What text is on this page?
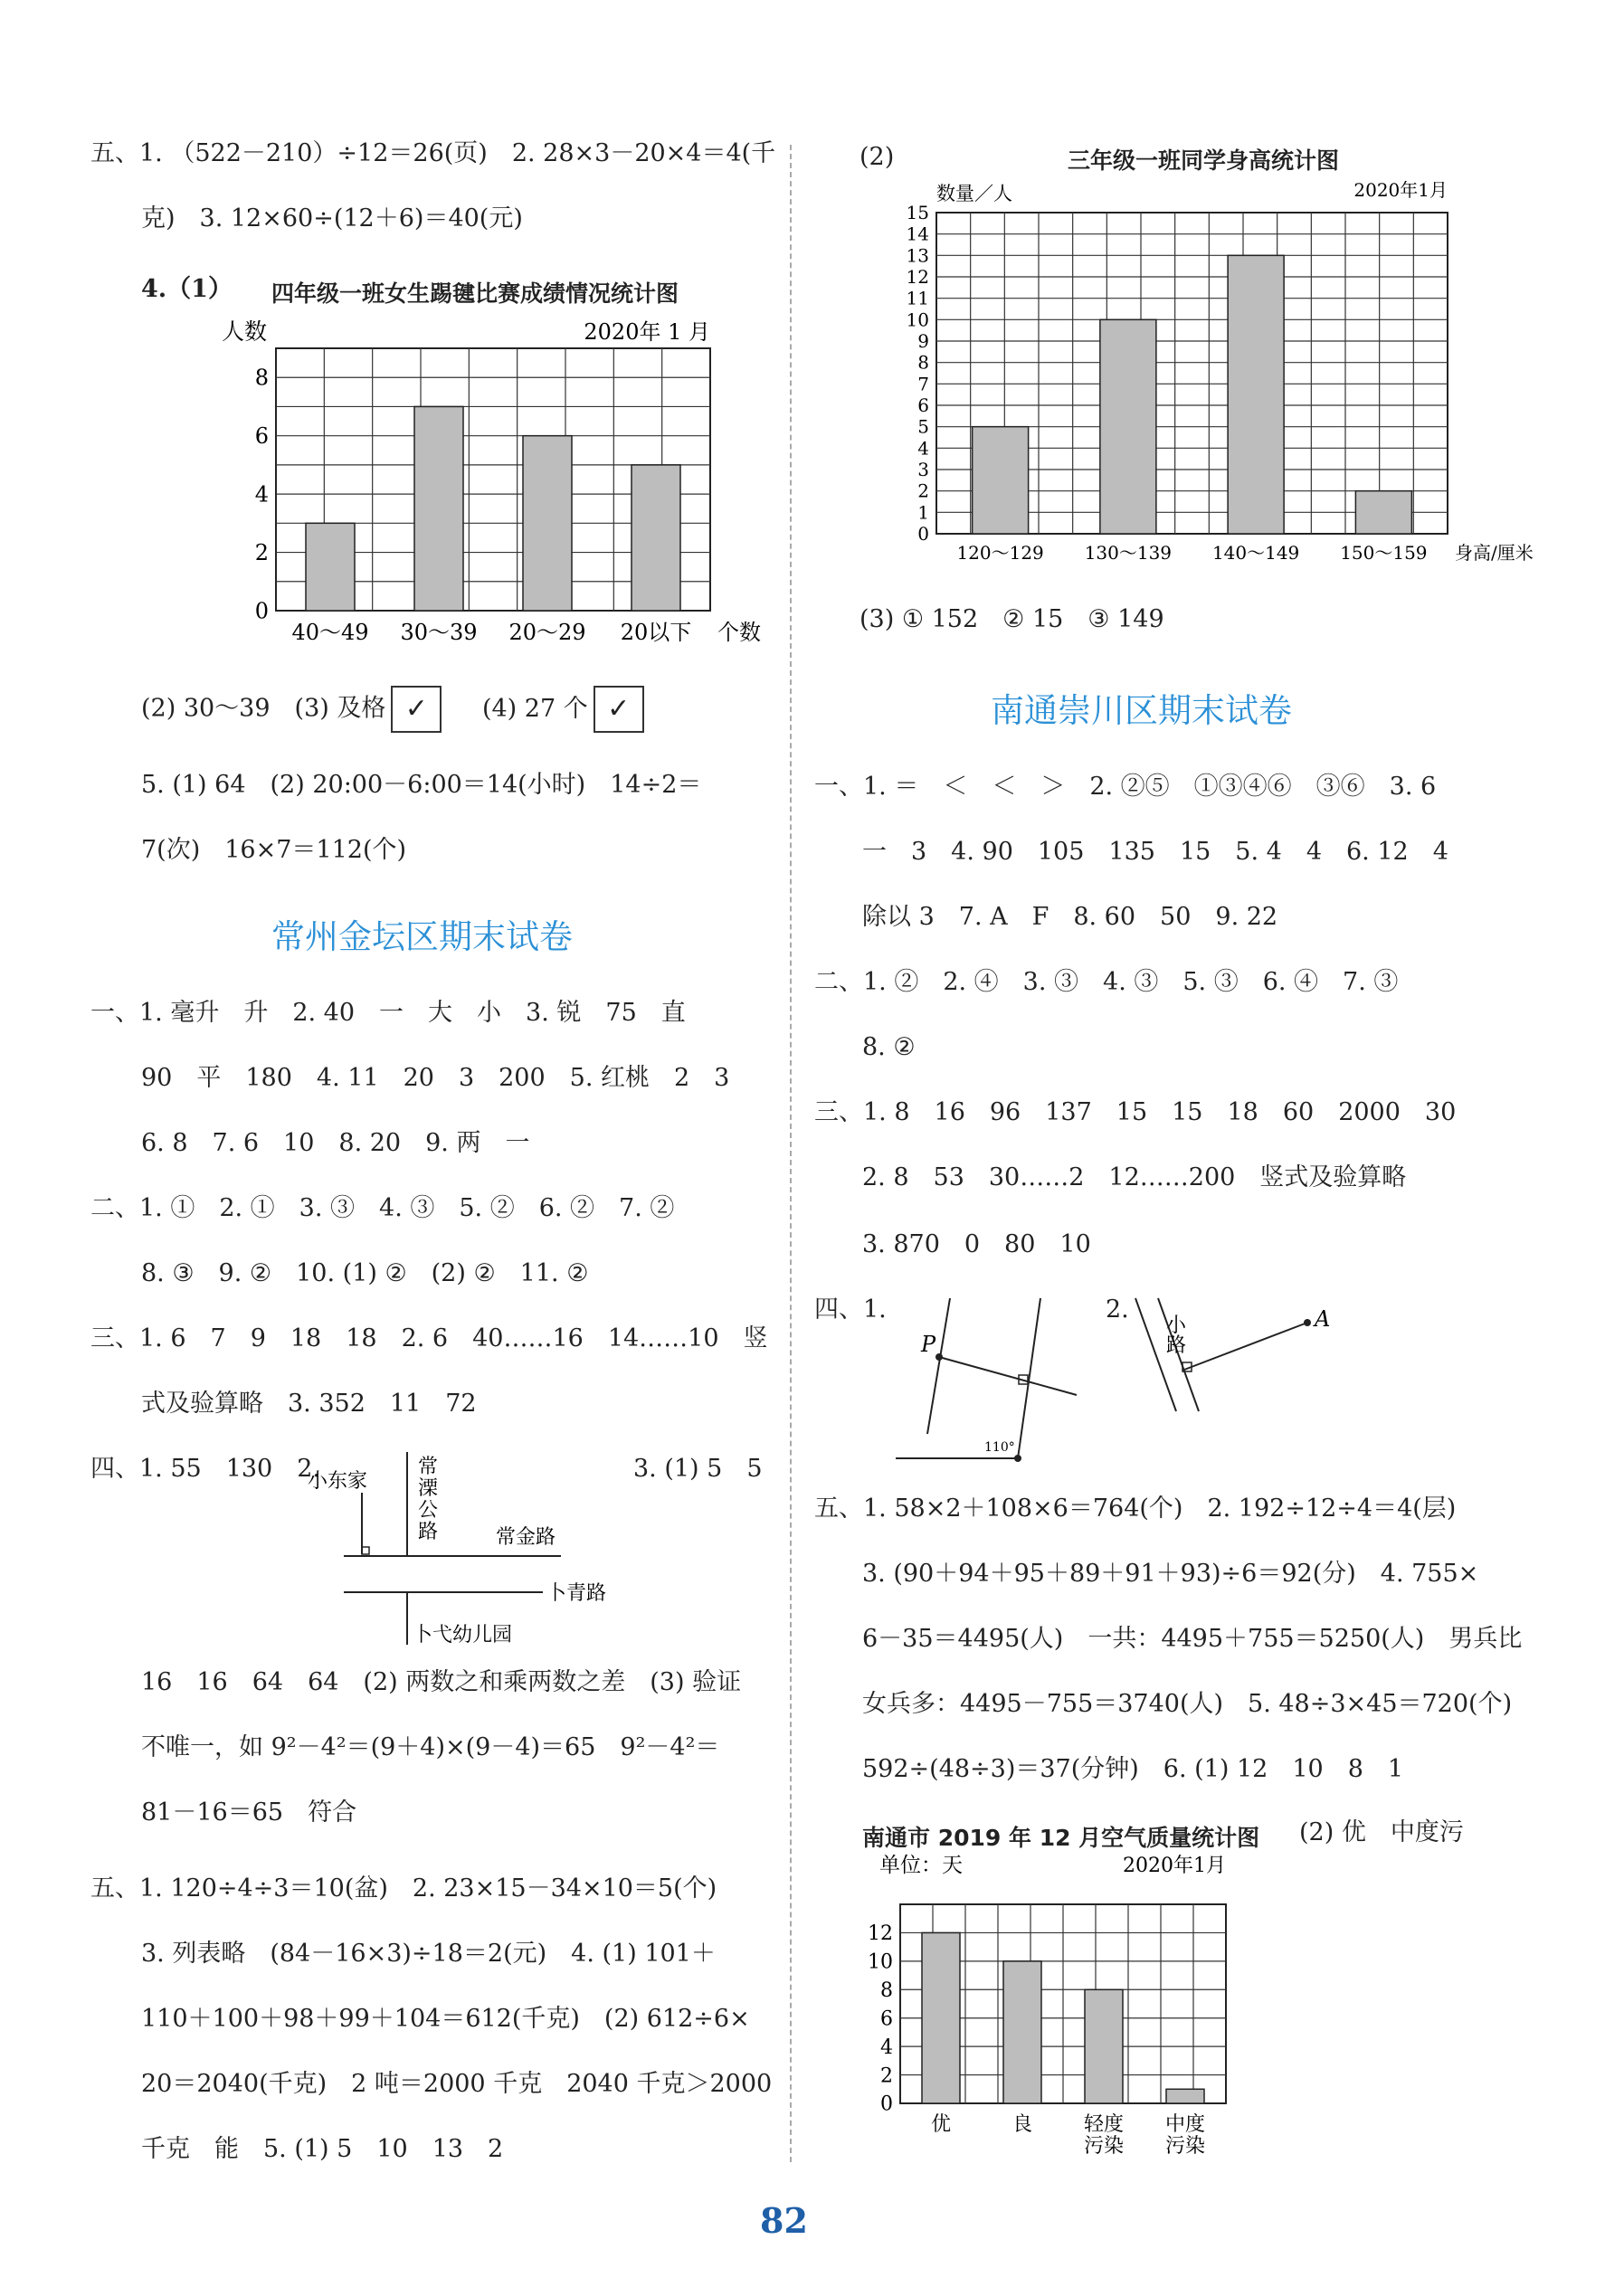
五、1. （522－210）÷12＝26(页)　2. 28×3－20×4＝4(千
克)　3. 12×60÷(12＋6)＝40(元)
4.（1） 四年级一班女生踢毽比赛成绩情况统计图
40～49 30～39 20～29 20以下
0
2
4
6
8
人数	2020年 1 月
个数
(2) 30～39　(3) 及格 ✓ (4) 27 个 ✓
5. (1) 64　(2) 20:00－6:00＝14(小时)　14÷2＝
7(次)　16×7＝112(个)
常州金坛区期末试卷
一、1. 毫升　升　2. 40　一　大　小　3. 锐　75　直
90　平　180　4. 11　20　3　200　5. 红桃　2　3
6. 8　7. 6　10　8. 20　9. 两　一
二、1. ①　2. ①　3. ③　4. ③　5. ②　6. ②　7. ②
8. ③　9. ②　10. (1) ②　(2) ②　11. ②
三、1. 6　7　9　18　18　2. 6　40……16　14……10　竖
式及验算略　3. 352　11　72
四、1. 55　130　2.	3. (1) 5　5
小东家
常溧公路	常金路
卜青路
卜弋幼儿园
16　16　64　64　(2) 两数之和乘两数之差　(3) 验证
不唯一，如 9²－4²＝(9＋4)×(9－4)＝65　9²－4²＝
81－16＝65　符合
五、1. 120÷4÷3＝10(盆)　2. 23×15－34×10＝5(个)
3. 列表略　(84－16×3)÷18＝2(元)　4. (1) 101＋
110＋100＋98＋99＋104＝612(千克)　(2) 612÷6×
20＝2040(千克)　2 吨＝2000 千克　2040 千克＞2000
千克　能　5. (1) 5　10　13　2
(2)	三年级一班同学身高统计图
120～129 130～139 140～149 150～159
0
1
2
3
4
5
6
7
8
9
10
11
12
13
14
15
数量／人	2020年1月
身高/厘米
(3) ① 152　② 15　③ 149
南通崇川区期末试卷
一、1. ＝　＜　＜　＞　2. ②⑤　①③④⑥　③⑥　3. 6
一　3　4. 90　105　135　15　5. 4　4　6. 12　4
除以 3　7. A　F　8. 60　50　9. 22
二、1. ②　2. ④　3. ③　4. ③　5. ③　6. ④　7. ③
8. ②
三、1. 8　16　96　137　15　15　18　60　2000　30
2. 8　53　30……2　12……200　竖式及验算略
3. 870　0　80　10
四、1.	2.
P
110°
A
小路
五、1. 58×2＋108×6＝764(个)　2. 192÷12÷4＝4(层)
3. (90＋94＋95＋89＋91＋93)÷6＝92(分)　4. 755×
6－35＝4495(人)　一共：4495＋755＝5250(人)　男兵比
女兵多：4495－755＝3740(人)　5. 48÷3×45＝720(个)
592÷(48÷3)＝37(分钟)　6. (1) 12　10　8　1
南通市 2019 年 12 月空气质量统计图 (2) 优　中度污
优	良	轻度
污染
中度
污染
0
2
4
6
8
10
12
单位：天	2020年1月
82
